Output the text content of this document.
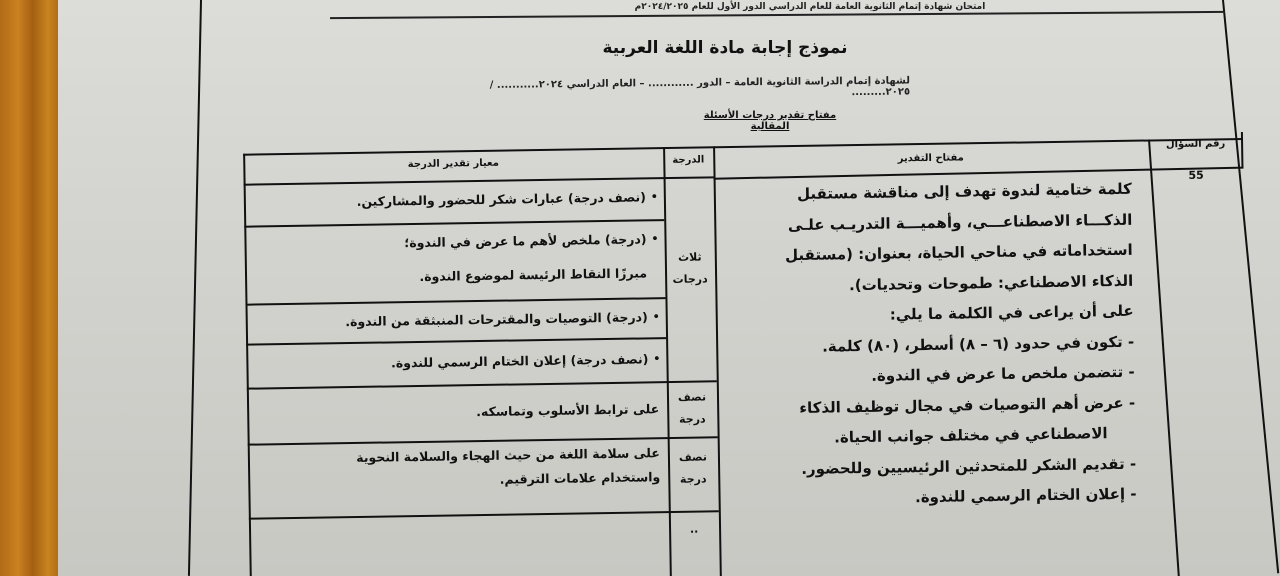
امتحان شهادة إتمام الثانوية العامة للعام الدراسي الدور الأول للعام ٢٠٢٤/٢٠٢٥م
نموذج إجابة مادة اللغة العربية
لشهادة إتمام الدراسة الثانوية العامة – الدور ............ – العام الدراسي ٢٠٢٤........... / ٢٠٢٥.........
مفتاح تقدير درجات الأسئلة المقالية
معيار تقدير الدرجة	الدرجة	مفتاح التقدير
رقم السؤال
55
•
(نصف درجة) عبارات شكر للحضور والمشاركين.
•
(درجة) ملخص لأهم ما عرض في الندوة؛
مبرزًا النقاط الرئيسة لموضوع الندوة.
•
(درجة) التوصيات والمقترحات المنبثقة من الندوة.
•
(نصف درجة) إعلان الختام الرسمي للندوة.
على ترابط الأسلوب وتماسكه.
على سلامة اللغة من حيث الهجاء والسلامة النحوية
واستخدام علامات الترقيم.
ثلاث
درجات
نصف
درجة
نصف
درجة
..
كلمة ختامية لندوة تهدف إلى مناقشة مستقبل
الذكـــاء الاصطناعـــي، وأهميـــة التدريـب علـى
استخداماته في مناحي الحياة، بعنوان: (مستقبل
الذكاء الاصطناعي: طموحات وتحديات).
على أن يراعى في الكلمة ما يلي:
- تكون في حدود (٦ – ٨) أسطر، (٨٠) كلمة.
- تتضمن ملخص ما عرض في الندوة.
- عرض أهم التوصيات في مجال توظيف الذكاء
الاصطناعي في مختلف جوانب الحياة.
- تقديم الشكر للمتحدثين الرئيسيين وللحضور.
- إعلان الختام الرسمي للندوة.
